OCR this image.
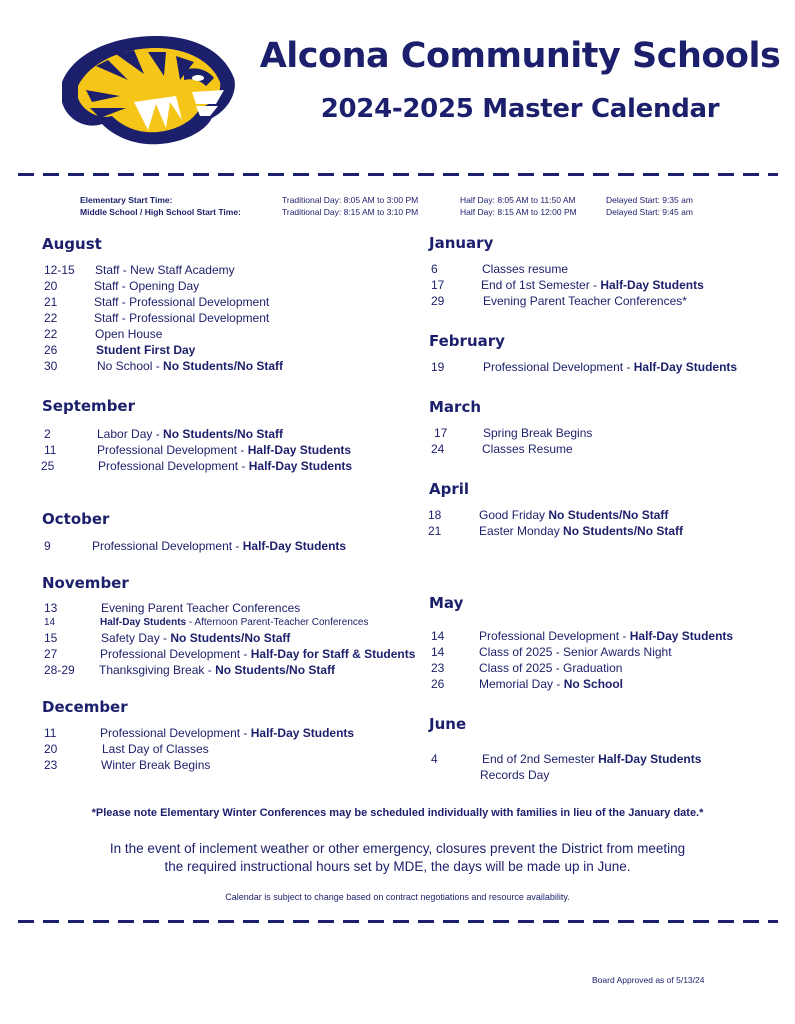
Alcona Community Schools
2024-2025 Master Calendar
Elementary Start Time:	Traditional Day: 8:05 AM to 3:00 PM	Half Day: 8:05 AM to 11:50 AM	Delayed Start: 9:35 am
Middle School / High School Start Time:	Traditional Day: 8:15 AM to 3:10 PM	Half Day: 8:15 AM to 12:00 PM	Delayed Start: 9:45 am
August
12-15 Staff - New Staff Academy
20	Staff - Opening Day
21	Staff - Professional Development
22	Staff - Professional Development
22	Open House
26	Student First Day
30	No School - No Students/No Staff
September
2	Labor Day - No Students/No Staff
11	Professional Development - Half-Day Students
25	Professional Development - Half-Day Students
October
9	Professional Development - Half-Day Students
November
13	Evening Parent Teacher Conferences
14	Half-Day Students - Afternoon Parent-Teacher Conferences
15	Safety Day - No Students/No Staff
27	Professional Development - Half-Day for Staff & Students
28-29 Thanksgiving Break - No Students/No Staff
December
11	Professional Development - Half-Day Students
20	Last Day of Classes
23	Winter Break Begins
January
6	Classes resume
17	End of 1st Semester - Half-Day Students
29	Evening Parent Teacher Conferences*
February
19	Professional Development - Half-Day Students
March
17	Spring Break Begins
24	Classes Resume
April
18	Good Friday No Students/No Staff
21	Easter Monday No Students/No Staff
May
14	Professional Development - Half-Day Students
14	Class of 2025 - Senior Awards Night
23	Class of 2025 - Graduation
26	Memorial Day - No School
June
4	End of 2nd Semester Half-Day Students
Records Day
*Please note Elementary Winter Conferences may be scheduled individually with families in lieu of the January date.*
In the event of inclement weather or other emergency, closures prevent the District from meeting
the required instructional hours set by MDE, the days will be made up in June.
Calendar is subject to change based on contract negotiations and resource availability.
Board Approved as of 5/13/24
